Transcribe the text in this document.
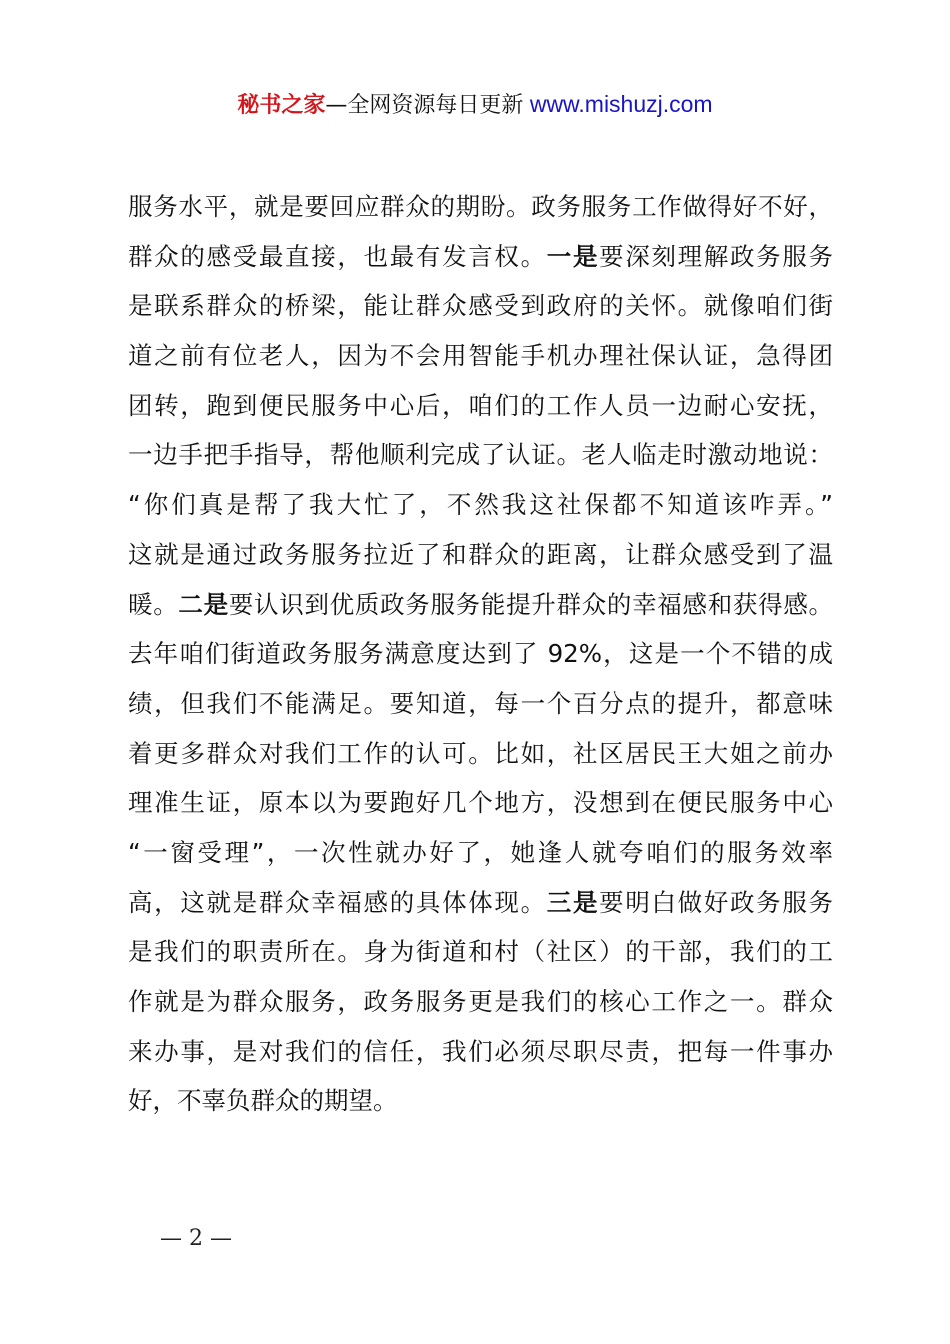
秘书之家—全网资源每日更新 www.mishuzj.com
服务水平，就是要回应群众的期盼。政务服务工作做得好不好，
群众的感受最直接，也最有发言权。一是要深刻理解政务服务
是联系群众的桥梁，能让群众感受到政府的关怀。就像咱们街
道之前有位老人，因为不会用智能手机办理社保认证，急得团
团转，跑到便民服务中心后，咱们的工作人员一边耐心安抚，
一边手把手指导，帮他顺利完成了认证。老人临走时激动地说：
“你们真是帮了我大忙了，不然我这社保都不知道该咋弄。”
这就是通过政务服务拉近了和群众的距离，让群众感受到了温
暖。二是要认识到优质政务服务能提升群众的幸福感和获得感。
去年咱们街道政务服务满意度达到了 92%，这是一个不错的成
绩，但我们不能满足。要知道，每一个百分点的提升，都意味
着更多群众对我们工作的认可。比如，社区居民王大姐之前办
理准生证，原本以为要跑好几个地方，没想到在便民服务中心
“一窗受理”，一次性就办好了，她逢人就夸咱们的服务效率
高，这就是群众幸福感的具体体现。三是要明白做好政务服务
是我们的职责所在。身为街道和村（社区）的干部，我们的工
作就是为群众服务，政务服务更是我们的核心工作之一。群众
来办事，是对我们的信任，我们必须尽职尽责，把每一件事办
好，不辜负群众的期望。
— 2 —
